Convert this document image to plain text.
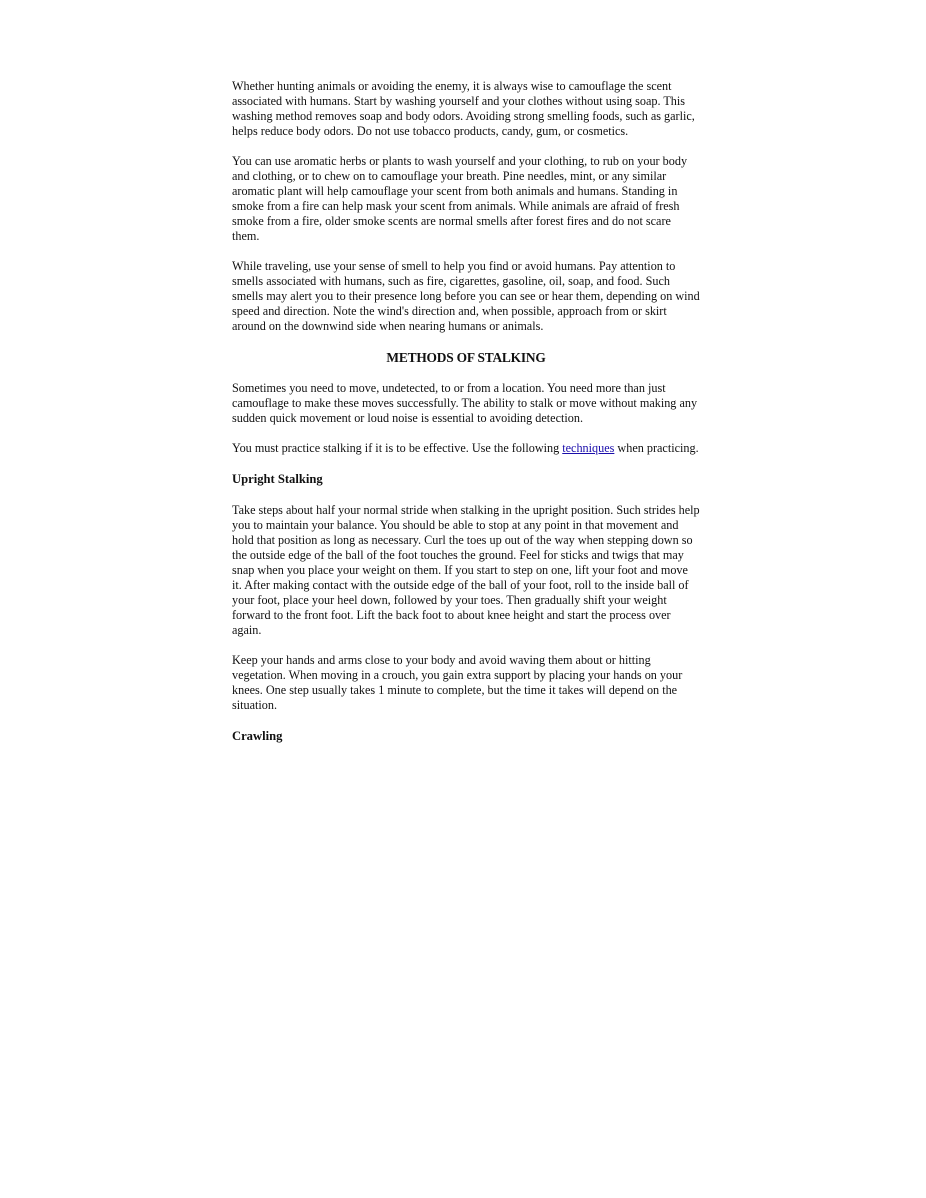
Whether hunting animals or avoiding the enemy, it is always wise to camouflage the scent associated with humans. Start by washing yourself and your clothes without using soap. This washing method removes soap and body odors. Avoiding strong smelling foods, such as garlic, helps reduce body odors. Do not use tobacco products, candy, gum, or cosmetics.

You can use aromatic herbs or plants to wash yourself and your clothing, to rub on your body and clothing, or to chew on to camouflage your breath. Pine needles, mint, or any similar aromatic plant will help camouflage your scent from both animals and humans. Standing in smoke from a fire can help mask your scent from animals. While animals are afraid of fresh smoke from a fire, older smoke scents are normal smells after forest fires and do not scare them.

While traveling, use your sense of smell to help you find or avoid humans. Pay attention to smells associated with humans, such as fire, cigarettes, gasoline, oil, soap, and food. Such smells may alert you to their presence long before you can see or hear them, depending on wind speed and direction. Note the wind's direction and, when possible, approach from or skirt around on the downwind side when nearing humans or animals.

METHODS OF STALKING

Sometimes you need to move, undetected, to or from a location. You need more than just camouflage to make these moves successfully. The ability to stalk or move without making any sudden quick movement or loud noise is essential to avoiding detection.

You must practice stalking if it is to be effective. Use the following techniques when practicing.

Upright Stalking

Take steps about half your normal stride when stalking in the upright position. Such strides help you to maintain your balance. You should be able to stop at any point in that movement and hold that position as long as necessary. Curl the toes up out of the way when stepping down so the outside edge of the ball of the foot touches the ground. Feel for sticks and twigs that may snap when you place your weight on them. If you start to step on one, lift your foot and move it. After making contact with the outside edge of the ball of your foot, roll to the inside ball of your foot, place your heel down, followed by your toes. Then gradually shift your weight forward to the front foot. Lift the back foot to about knee height and start the process over again.

Keep your hands and arms close to your body and avoid waving them about or hitting vegetation. When moving in a crouch, you gain extra support by placing your hands on your knees. One step usually takes 1 minute to complete, but the time it takes will depend on the situation.

Crawling
